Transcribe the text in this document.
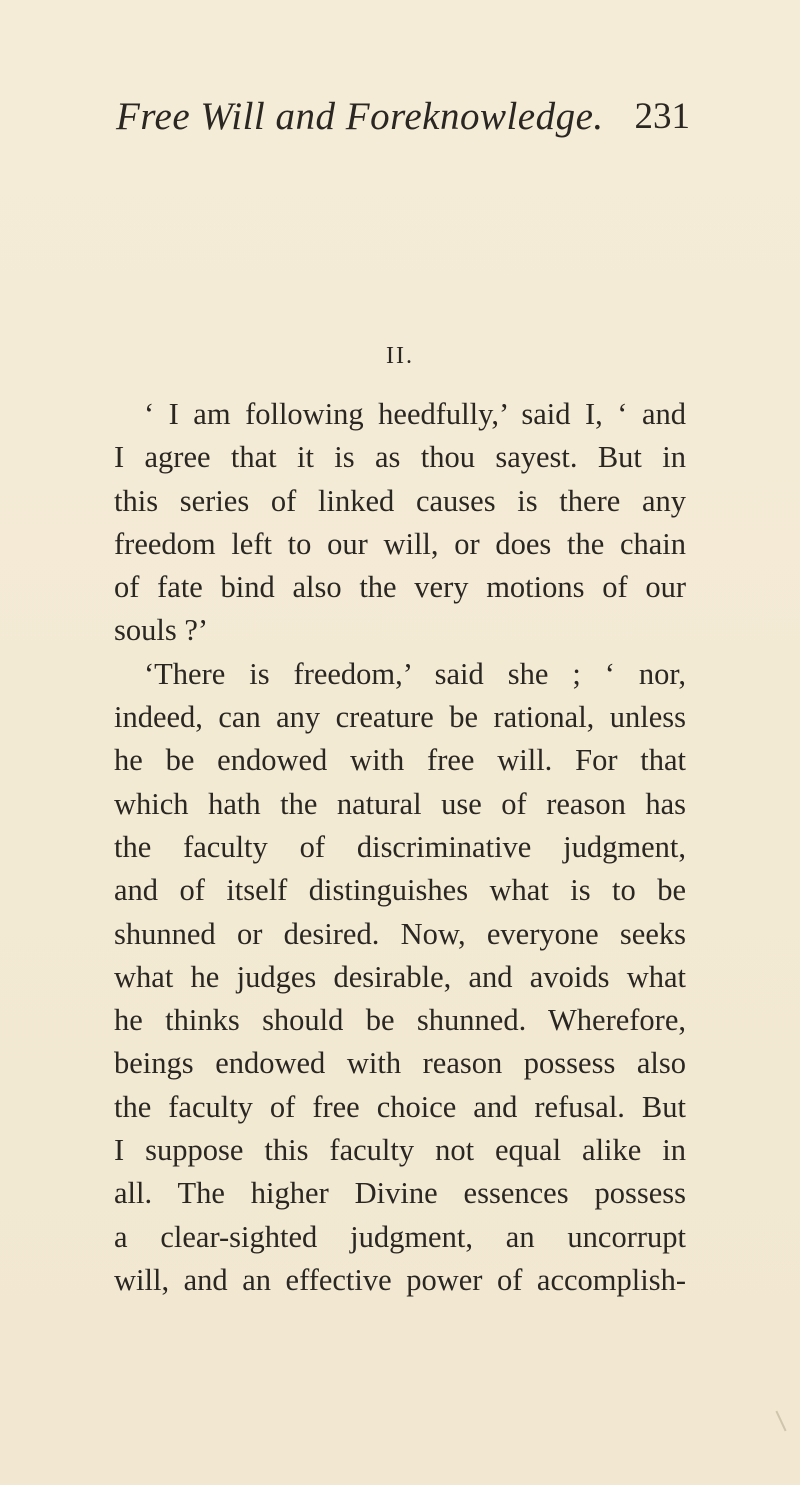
Free Will and Foreknowledge. 231
II.
‘ I am following heedfully,’ said I, ‘ and
I agree that it is as thou sayest. But in
this series of linked causes is there any
freedom left to our will, or does the chain
of fate bind also the very motions of our
souls ?’
‘There is freedom,’ said she ; ‘ nor,
indeed, can any creature be rational, unless
he be endowed with free will. For that
which hath the natural use of reason has
the faculty of discriminative judgment,
and of itself distinguishes what is to be
shunned or desired. Now, everyone seeks
what he judges desirable, and avoids what
he thinks should be shunned. Wherefore,
beings endowed with reason possess also
the faculty of free choice and refusal. But
I suppose this faculty not equal alike in
all. The higher Divine essences possess
a clear-sighted judgment, an uncorrupt
will, and an effective power of accomplish-
